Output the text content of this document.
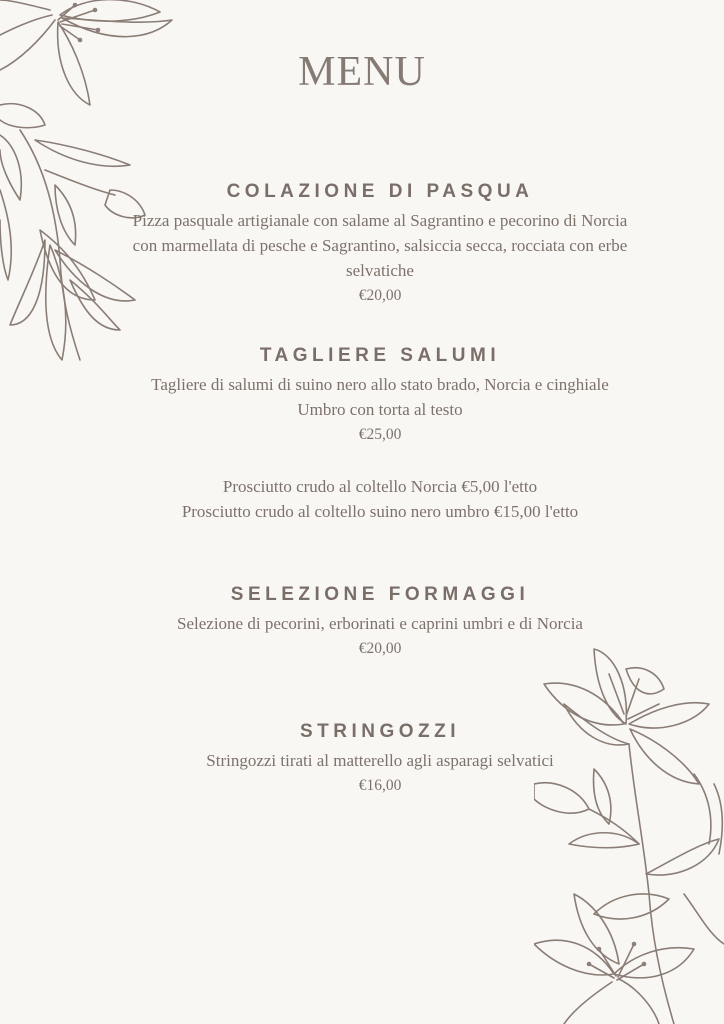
MENU
COLAZIONE DI PASQUA

Pizza pasquale artigianale con salame al Sagrantino e pecorino di Norcia con marmellata di pesche e Sagrantino, salsiccia secca, rocciata con erbe selvatiche

€20,00

TAGLIERE SALUMI

Tagliere di salumi di suino nero allo stato brado, Norcia e cinghiale Umbro con torta al testo

€25,00

Prosciutto crudo al coltello Norcia €5,00 l'etto

Prosciutto crudo al coltello suino nero umbro €15,00 l'etto

SELEZIONE FORMAGGI

Selezione di pecorini, erborinati e caprini umbri e di Norcia

€20,00

STRINGOZZI

Stringozzi tirati al matterello agli asparagi selvatici

€16,00
